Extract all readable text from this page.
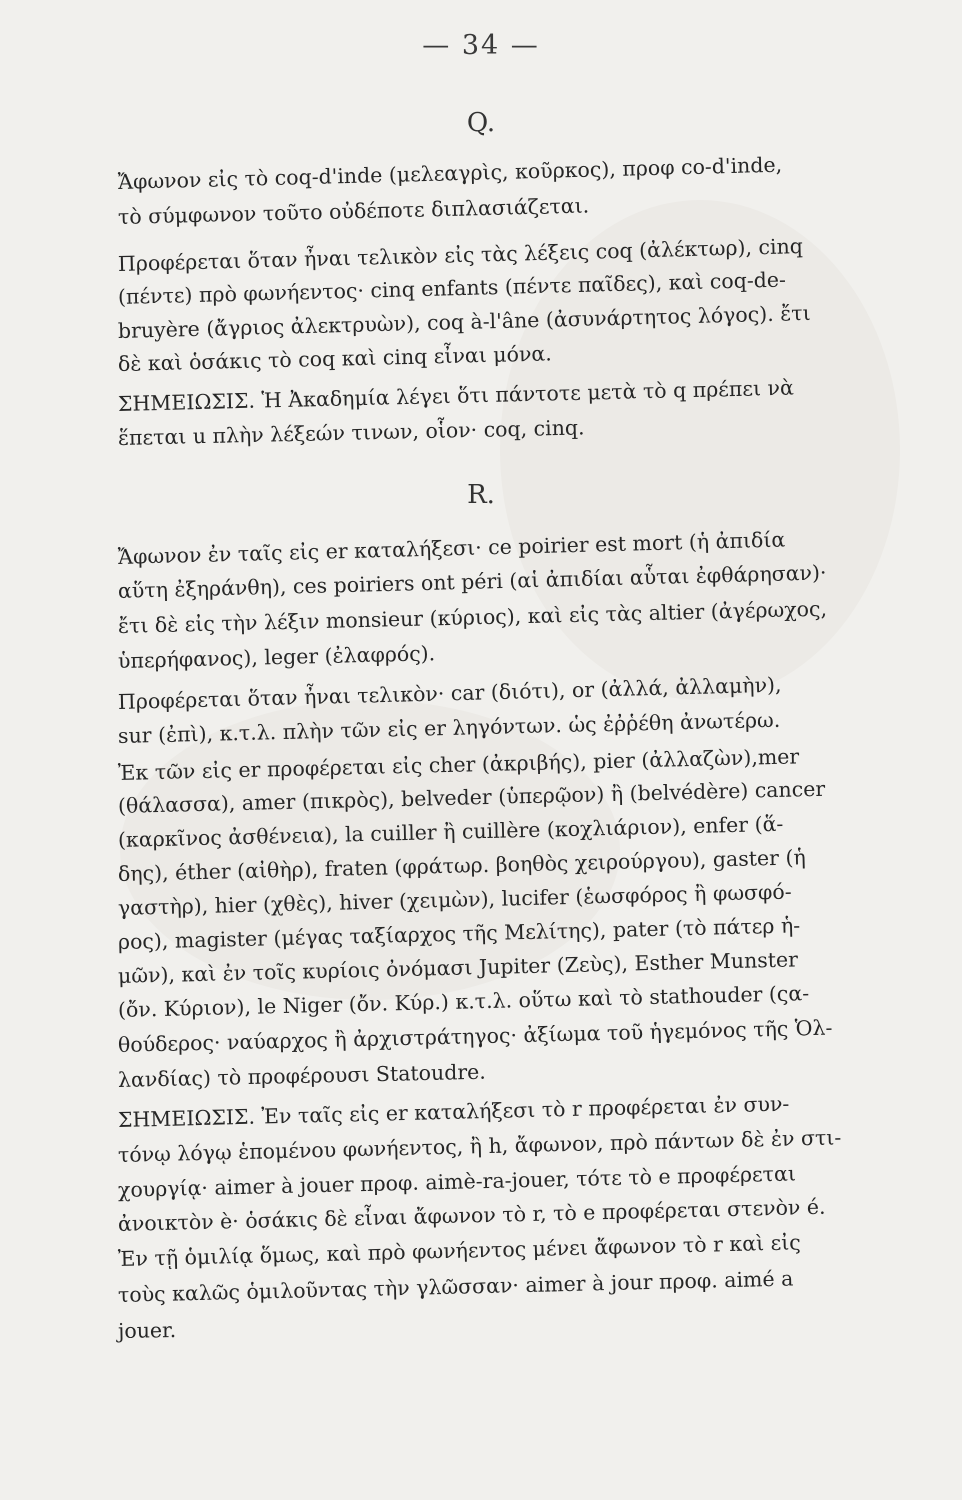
— 34 —
Q.
Ἄφωνον εἰς τὸ coq-d'inde (μελεαγρὶς, κοῦρκος), προφ co-d'inde,
τὸ σύμφωνον τοῦτο οὐδέποτε διπλασιάζεται.
Προφέρεται ὅταν ἦναι τελικὸν εἰς τὰς λέξεις coq (ἀλέκτωρ), cinq
(πέντε) πρὸ φωνήεντος· cinq enfants (πέντε παῖδες), καὶ coq-de-
bruyère (ἄγριος ἀλεκτρυὼν), coq à-l'âne (ἀσυνάρτητος λόγος). ἔτι
δὲ καὶ ὁσάκις τὸ coq καὶ cinq εἶναι μόνα.
ΣΗΜΕΙΩΣΙΣ. Ἡ Ἀκαδημία λέγει ὅτι πάντοτε μετὰ τὸ q πρέπει νὰ
ἕπεται u πλὴν λέξεών τινων, οἷον· coq, cinq.
R.
Ἄφωνον ἐν ταῖς εἰς er καταλήξεσι· ce poirier est mort (ἡ ἀπιδία
αὕτη ἐξηράνθη), ces poiriers ont péri (αἱ ἀπιδίαι αὗται ἐφθάρησαν)·
ἔτι δὲ εἰς τὴν λέξιν monsieur (κύριος), καὶ εἰς τὰς altier (ἀγέρωχος,
ὑπερήφανος), leger (ἐλαφρός).
Προφέρεται ὅταν ἦναι τελικὸν· car (διότι), or (ἀλλά, ἀλλαμὴν),
sur (ἐπὶ), κ.τ.λ. πλὴν τῶν εἰς er ληγόντων. ὡς ἐῤῥέθη ἀνωτέρω.
Ἐκ τῶν εἰς er προφέρεται εἰς cher (ἀκριβής), pier (ἀλλαζὼν),mer
(θάλασσα), amer (πικρὸς), belveder (ὑπερῷον) ἢ (belvédère) cancer
(καρκῖνος ἀσθένεια), la cuiller ἢ cuillère (κοχλιάριον), enfer (ἅ-
δης), éther (αἰθὴρ), fraten (φράτωρ. βοηθὸς χειρούργου), gaster (ἡ
γαστὴρ), hier (χθὲς), hiver (χειμὼν), lucifer (ἑωσφόρος ἢ φωσφό-
ρος), magister (μέγας ταξίαρχος τῆς Μελίτης), pater (τὸ πάτερ ἡ-
μῶν), καὶ ἐν τοῖς κυρίοις ὀνόμασι Jupiter (Ζεὺς), Esther Munster
(ὄν. Κύριον), le Niger (ὄν. Κύρ.) κ.τ.λ. οὕτω καὶ τὸ stathouder (ςα-
θούδερος· ναύαρχος ἢ ἀρχιστράτηγος· ἀξίωμα τοῦ ἡγεμόνος τῆς Ὁλ-
λανδίας) τὸ προφέρουσι Statoudre.
ΣΗΜΕΙΩΣΙΣ. Ἐν ταῖς εἰς er καταλήξεσι τὸ r προφέρεται ἐν συν-
τόνῳ λόγῳ ἑπομένου φωνήεντος, ἢ h, ἄφωνον, πρὸ πάντων δὲ ἐν στι-
χουργίᾳ· aimer à jouer προφ. aimè-ra-jouer, τότε τὸ e προφέρεται
ἀνοικτὸν è· ὁσάκις δὲ εἶναι ἄφωνον τὸ r, τὸ e προφέρεται στενὸν é.
Ἐν τῇ ὁμιλίᾳ ὅμως, καὶ πρὸ φωνήεντος μένει ἄφωνον τὸ r καὶ εἰς
τοὺς καλῶς ὁμιλοῦντας τὴν γλῶσσαν· aimer à jour προφ. aimé a
jouer.
